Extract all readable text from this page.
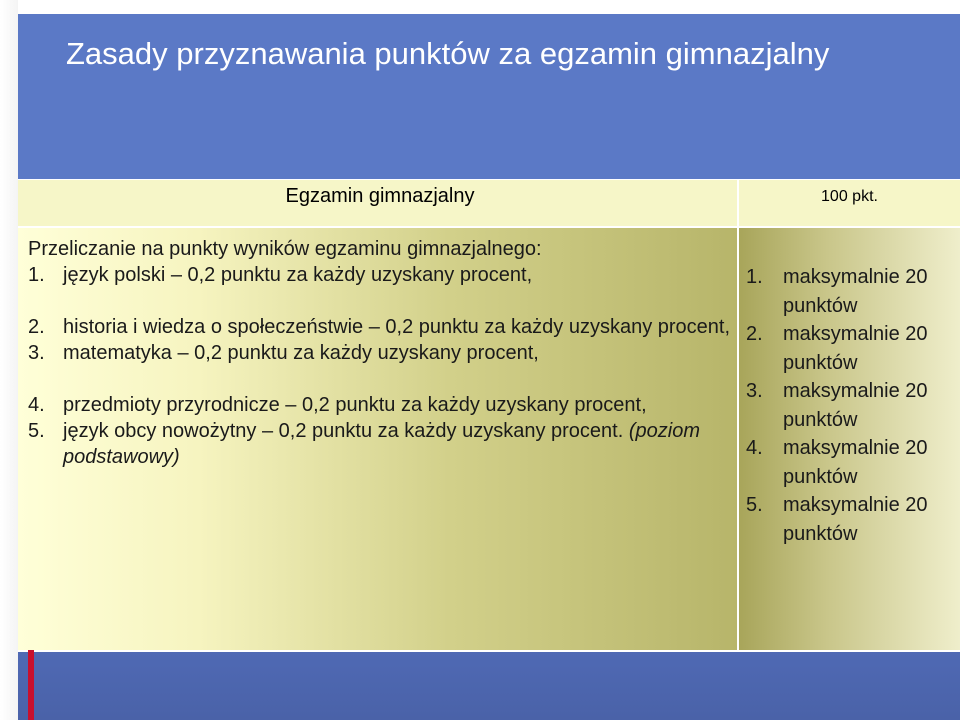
Zasady przyznawania punktów za egzamin gimnazjalny
Egzamin gimnazjalny	100 pkt.

Przeliczanie na punkty wyników egzaminu gimnazjalnego:

1. język polski – 0,2 punktu za każdy uzyskany procent,
2. historia i wiedza o społeczeństwie – 0,2 punktu za każdy uzyskany procent,
3. matematyka – 0,2 punktu za każdy uzyskany procent,
4. przedmioty przyrodnicze – 0,2 punktu za każdy uzyskany procent,
5. język obcy nowożytny – 0,2 punktu za każdy uzyskany procent. (poziom podstawowy)
1. maksymalnie 20 punktów
2. maksymalnie 20 punktów
3. maksymalnie 20 punktów
4. maksymalnie 20 punktów
5. maksymalnie 20 punktów
